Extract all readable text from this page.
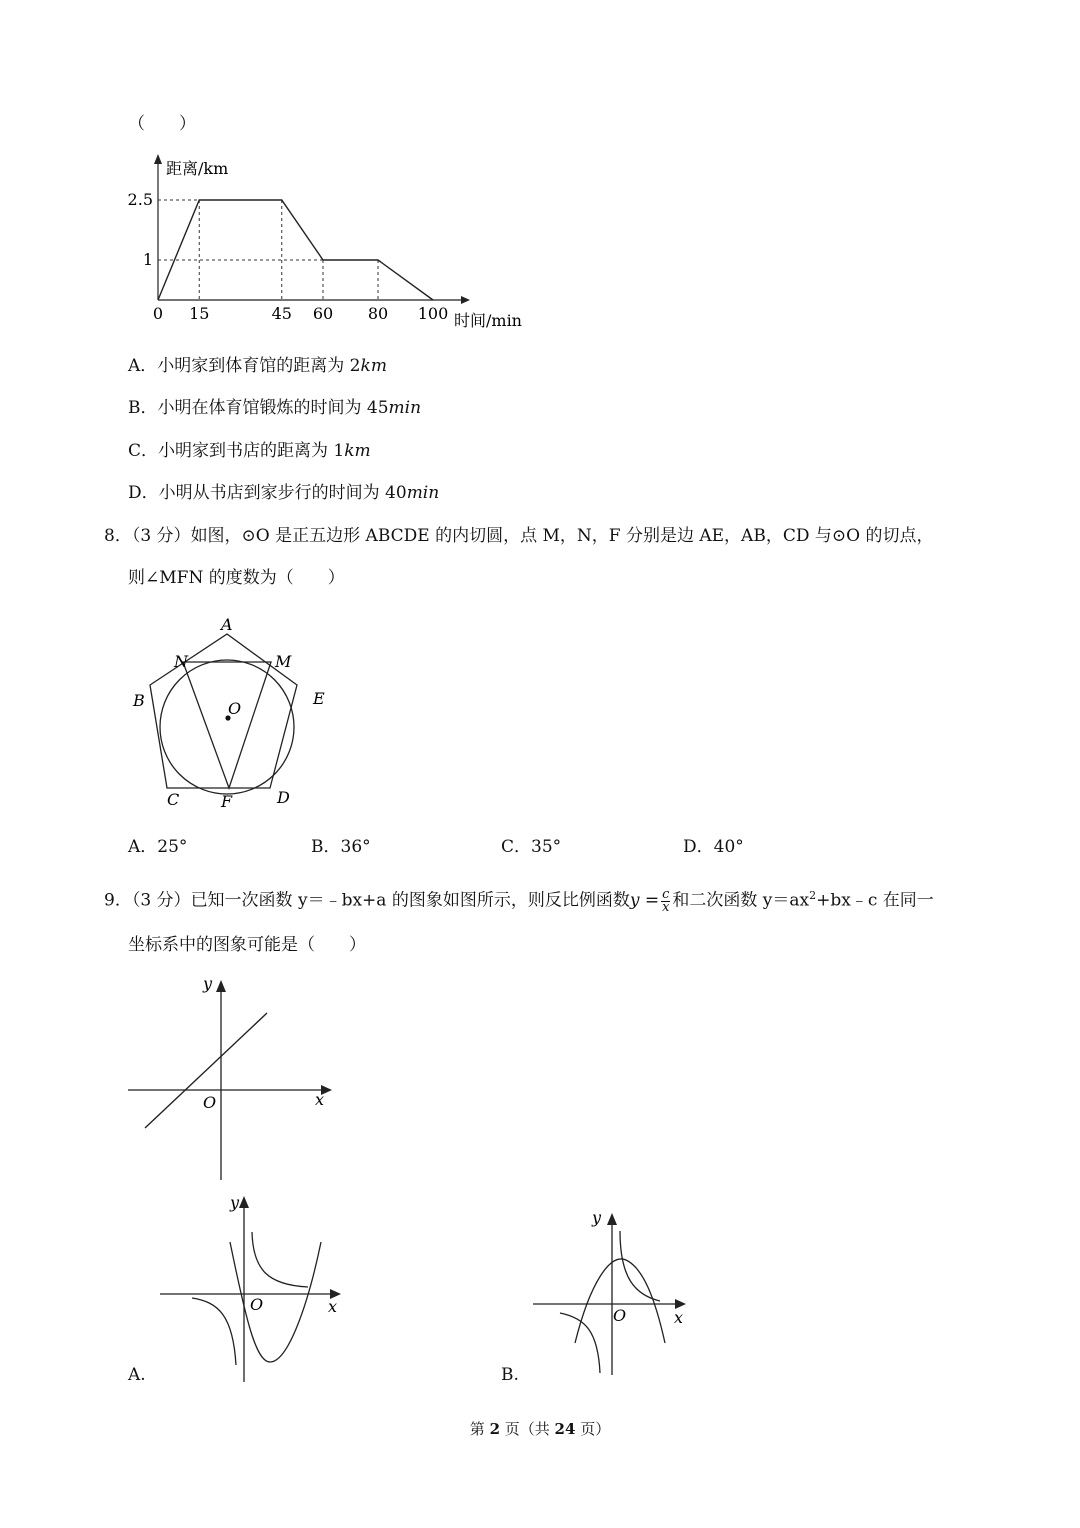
（　　）
距离/km
时间/min
0 15	45 60 80 100
2.5
1
A．小明家到体育馆的距离为 2km
B．小明在体育馆锻炼的时间为 45min
C．小明家到书店的距离为 1km
D．小明从书店到家步行的时间为 40min
8．（3 分）如图，⊙O 是正五边形 ABCDE 的内切圆，点 M，N，F 分别是边 AE，AB，CD 与⊙O 的切点，
则∠MFN 的度数为（　　）
A
B
C	D
E
M
N
F
O
A．25°	B．36°	C．35°	D．40°
9．（3 分）已知一次函数 y＝﹣bx+a 的图象如图所示，则反比例函数$y = \frac{c}{x}$ 和二次函数 $y=ax^2+bx﹣c$ 在同一
坐标系中的图象可能是（　　）
y
x
O
y
x
O
A.
y
x
O
B.
第 2 页（共 24 页）
